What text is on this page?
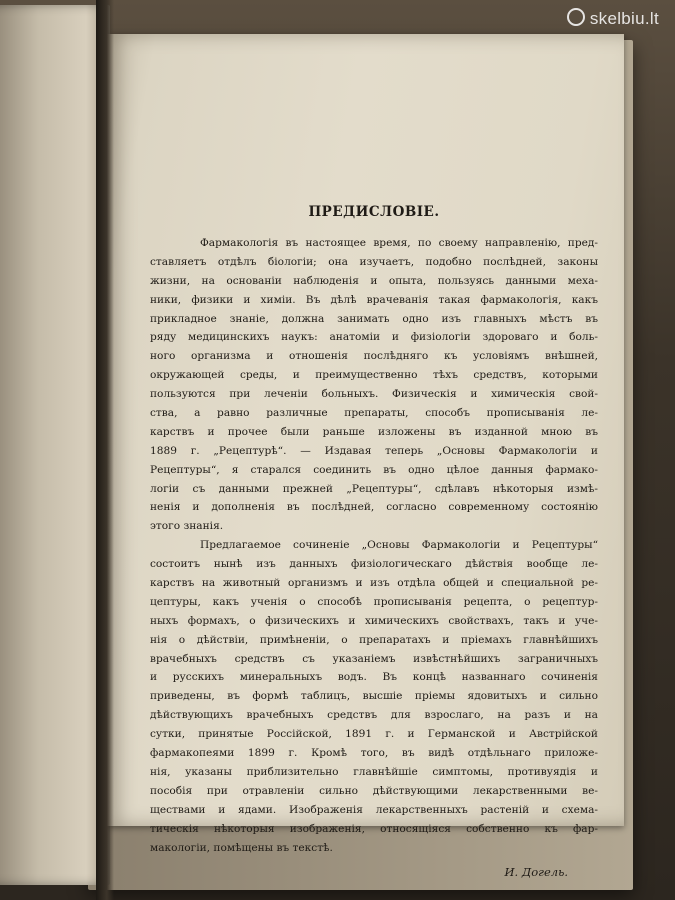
skelbiu.lt
ПРЕДИСЛОВIЕ.
Фармакологiя въ настоящее время, по своему направленiю, пред-
ставляетъ отдѣлъ бiологiи; она изучаетъ, подобно послѣдней, законы
жизни, на основанiи наблюденiя и опыта, пользуясь данными меха-
ники, физики и химiи. Въ дѣлѣ врачеванiя такая фармакологiя, какъ
прикладное знанiе, должна занимать одно изъ главныхъ мѣстъ въ
ряду медицинскихъ наукъ: анатомiи и физiологiи здороваго и боль-
ного организма и отношенiя послѣдняго къ условiямъ внѣшней,
окружающей среды, и преимущественно тѣхъ средствъ, которыми
пользуются при леченiи больныхъ. Физическiя и химическiя свой-
ства, а равно различные препараты, способъ прописыванiя ле-
карствъ и прочее были раньше изложены въ изданной мною въ
1889 г. „Рецептурѣ“. — Издавая теперь „Основы Фармакологiи и
Рецептуры“, я старался соединить въ одно цѣлое данныя фармако-
логiи съ данными прежней „Рецептуры“, сдѣлавъ нѣкоторыя измѣ-
ненiя и дополненiя въ послѣдней, согласно современному состоянiю
этого знанiя.
Предлагаемое сочиненiе „Основы Фармакологiи и Рецептуры“
состоитъ нынѣ изъ данныхъ физiологическаго дѣйствiя вообще ле-
карствъ на животный организмъ и изъ отдѣла общей и специальной ре-
цептуры, какъ ученiя о способѣ прописыванiя рецепта, о рецептур-
ныхъ формахъ, о физическихъ и химическихъ свойствахъ, такъ и уче-
нiя о дѣйствiи, примѣненiи, о препаратахъ и прiемахъ главнѣйшихъ
врачебныхъ средствъ съ указанiемъ извѣстнѣйшихъ заграничныхъ
и русскихъ минеральныхъ водъ. Въ концѣ названнаго сочиненiя
приведены, въ формѣ таблицъ, высшiе прiемы ядовитыхъ и сильно
дѣйствующихъ врачебныхъ средствъ для взрослаго, на разъ и на
сутки, принятые Россiйской, 1891 г. и Германской и Австрiйской
фармакопеями 1899 г. Кромѣ того, въ видѣ отдѣльнаго приложе-
нiя, указаны приблизительно главнѣйшiе симптомы, противуядiя и
пособiя при отравленiи сильно дѣйствующими лекарственными ве-
ществами и ядами. Изображенiя лекарственныхъ растенiй и схема-
тическiя нѣкоторыя изображенiя, относящiяся собственно къ фар-
макологiи, помѣщены въ текстѣ.
И. Догель.
